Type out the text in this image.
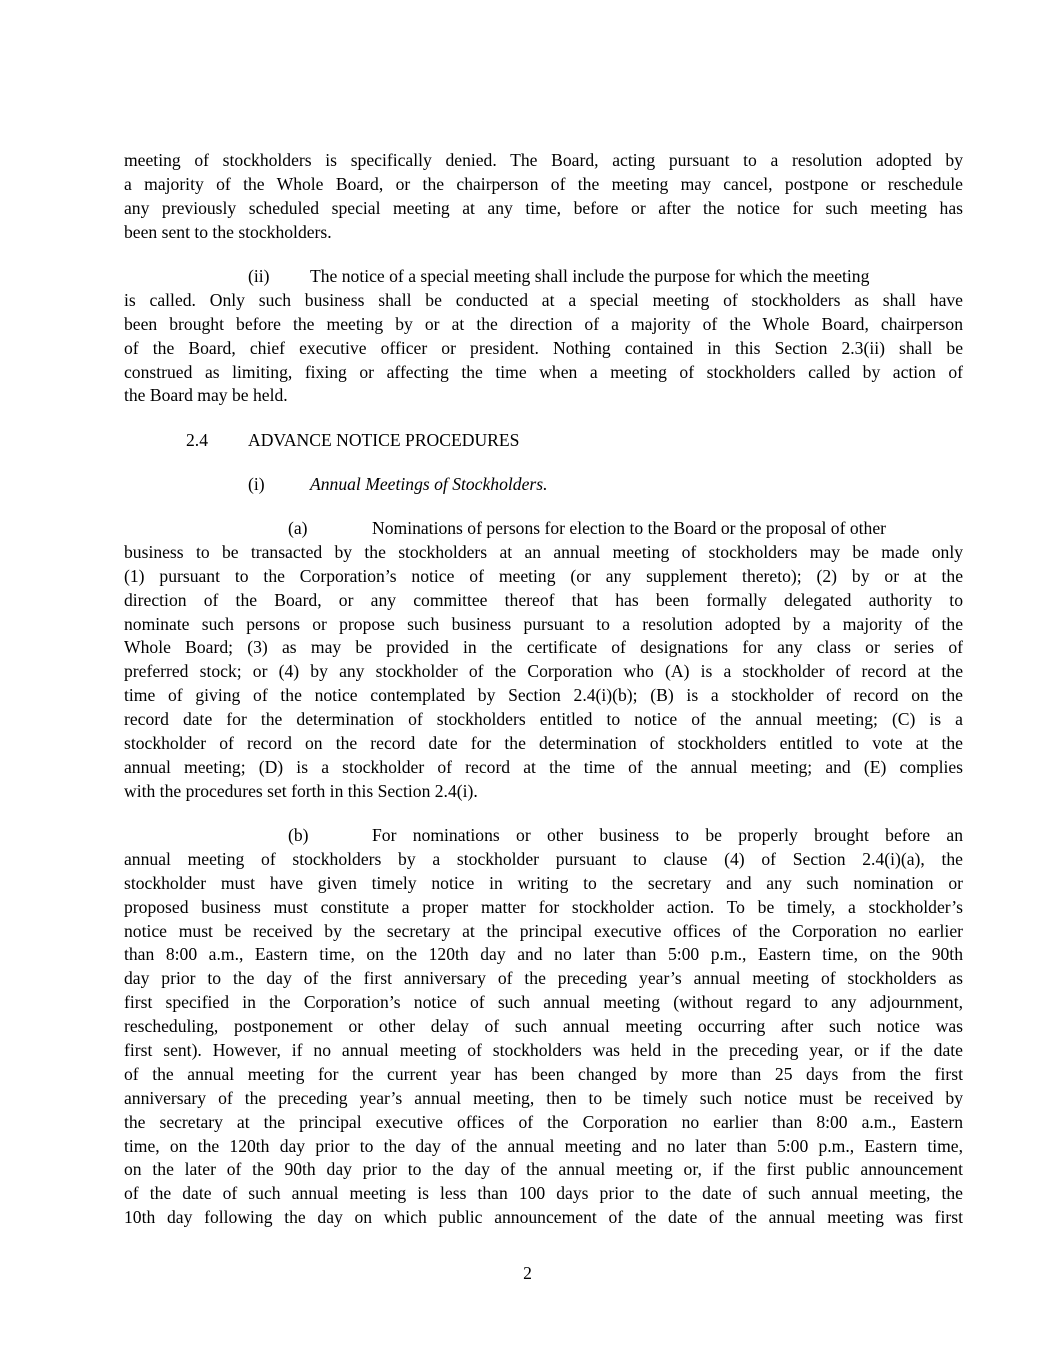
meeting of stockholders is specifically denied. The Board, acting pursuant to a resolution adopted by
a majority of the Whole Board, or the chairperson of the meeting may cancel, postpone or reschedule
any previously scheduled special meeting at any time, before or after the notice for such meeting has
been sent to the stockholders.
(ii) The notice of a special meeting shall include the purpose for which the meeting
is called. Only such business shall be conducted at a special meeting of stockholders as shall have
been brought before the meeting by or at the direction of a majority of the Whole Board, chairperson
of the Board, chief executive officer or president. Nothing contained in this Section 2.3(ii) shall be
construed as limiting, fixing or affecting the time when a meeting of stockholders called by action of
the Board may be held.
2.4 ADVANCE NOTICE PROCEDURES
(i)	Annual Meetings of Stockholders.
(a)	Nominations of persons for election to the Board or the proposal of other
business to be transacted by the stockholders at an annual meeting of stockholders may be made only
(1) pursuant to the Corporation’s notice of meeting (or any supplement thereto); (2) by or at the
direction of the Board, or any committee thereof that has been formally delegated authority to
nominate such persons or propose such business pursuant to a resolution adopted by a majority of the
Whole Board; (3) as may be provided in the certificate of designations for any class or series of
preferred stock; or (4) by any stockholder of the Corporation who (A) is a stockholder of record at the
time of giving of the notice contemplated by Section 2.4(i)(b); (B) is a stockholder of record on the
record date for the determination of stockholders entitled to notice of the annual meeting; (C) is a
stockholder of record on the record date for the determination of stockholders entitled to vote at the
annual meeting; (D) is a stockholder of record at the time of the annual meeting; and (E) complies
with the procedures set forth in this Section 2.4(i).
(b)	For nominations or other business to be properly brought before an
annual meeting of stockholders by a stockholder pursuant to clause (4) of Section 2.4(i)(a), the
stockholder must have given timely notice in writing to the secretary and any such nomination or
proposed business must constitute a proper matter for stockholder action. To be timely, a stockholder’s
notice must be received by the secretary at the principal executive offices of the Corporation no earlier
than 8:00 a.m., Eastern time, on the 120th day and no later than 5:00 p.m., Eastern time, on the 90th
day prior to the day of the first anniversary of the preceding year’s annual meeting of stockholders as
first specified in the Corporation’s notice of such annual meeting (without regard to any adjournment,
rescheduling, postponement or other delay of such annual meeting occurring after such notice was
first sent). However, if no annual meeting of stockholders was held in the preceding year, or if the date
of the annual meeting for the current year has been changed by more than 25 days from the first
anniversary of the preceding year’s annual meeting, then to be timely such notice must be received by
the secretary at the principal executive offices of the Corporation no earlier than 8:00 a.m., Eastern
time, on the 120th day prior to the day of the annual meeting and no later than 5:00 p.m., Eastern time,
on the later of the 90th day prior to the day of the annual meeting or, if the first public announcement
of the date of such annual meeting is less than 100 days prior to the date of such annual meeting, the
10th day following the day on which public announcement of the date of the annual meeting was first
2
